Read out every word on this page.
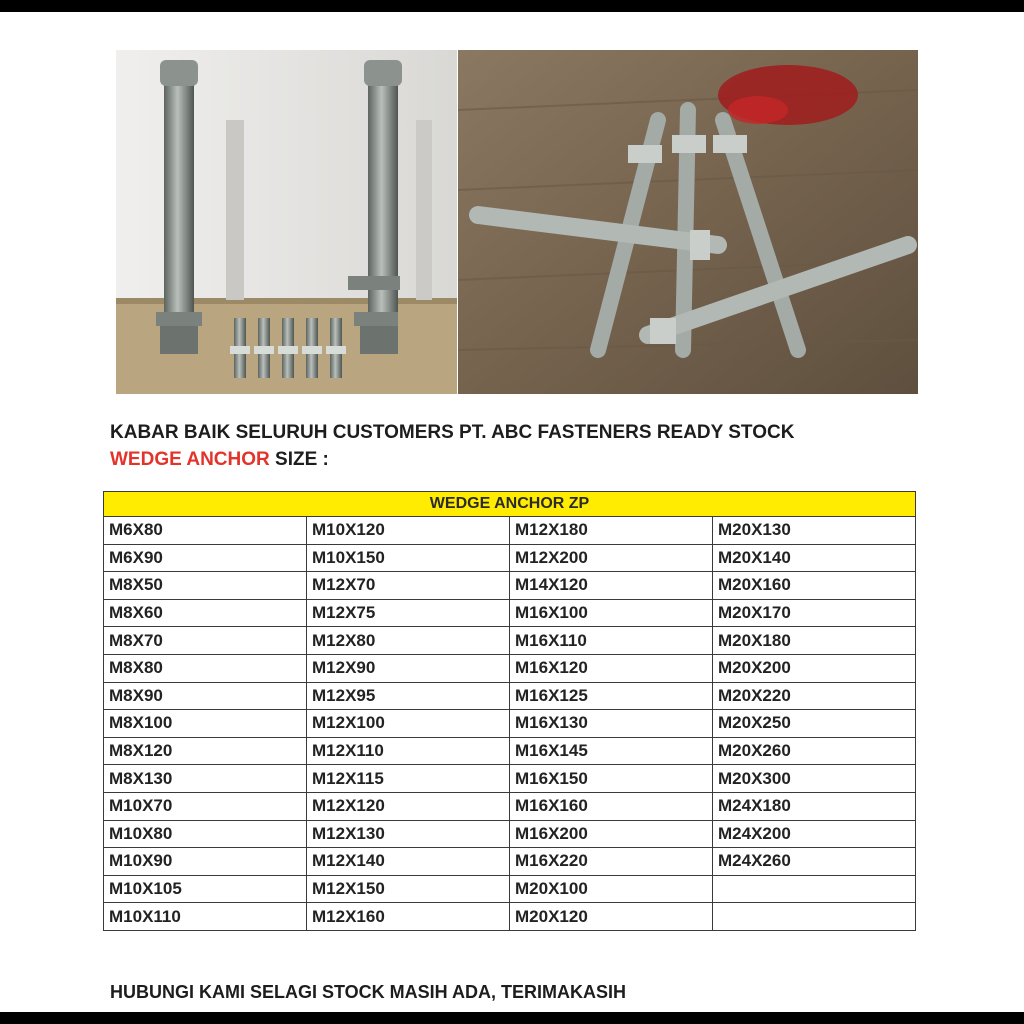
KABAR BAIK SELURUH CUSTOMERS PT. ABC FASTENERS READY STOCK
WEDGE ANCHOR SIZE :
WEDGE ANCHOR ZP			
M6X80	M10X120	M12X180	M20X130
M6X90	M10X150	M12X200	M20X140
M8X50	M12X70	M14X120	M20X160
M8X60	M12X75	M16X100	M20X170
M8X70	M12X80	M16X110	M20X180
M8X80	M12X90	M16X120	M20X200
M8X90	M12X95	M16X125	M20X220
M8X100	M12X100	M16X130	M20X250
M8X120	M12X110	M16X145	M20X260
M8X130	M12X115	M16X150	M20X300
M10X70	M12X120	M16X160	M24X180
M10X80	M12X130	M16X200	M24X200
M10X90	M12X140	M16X220	M24X260
M10X105	M12X150	M20X100	
M10X110	M12X160	M20X120	
HUBUNGI KAMI SELAGI STOCK MASIH ADA, TERIMAKASIH
